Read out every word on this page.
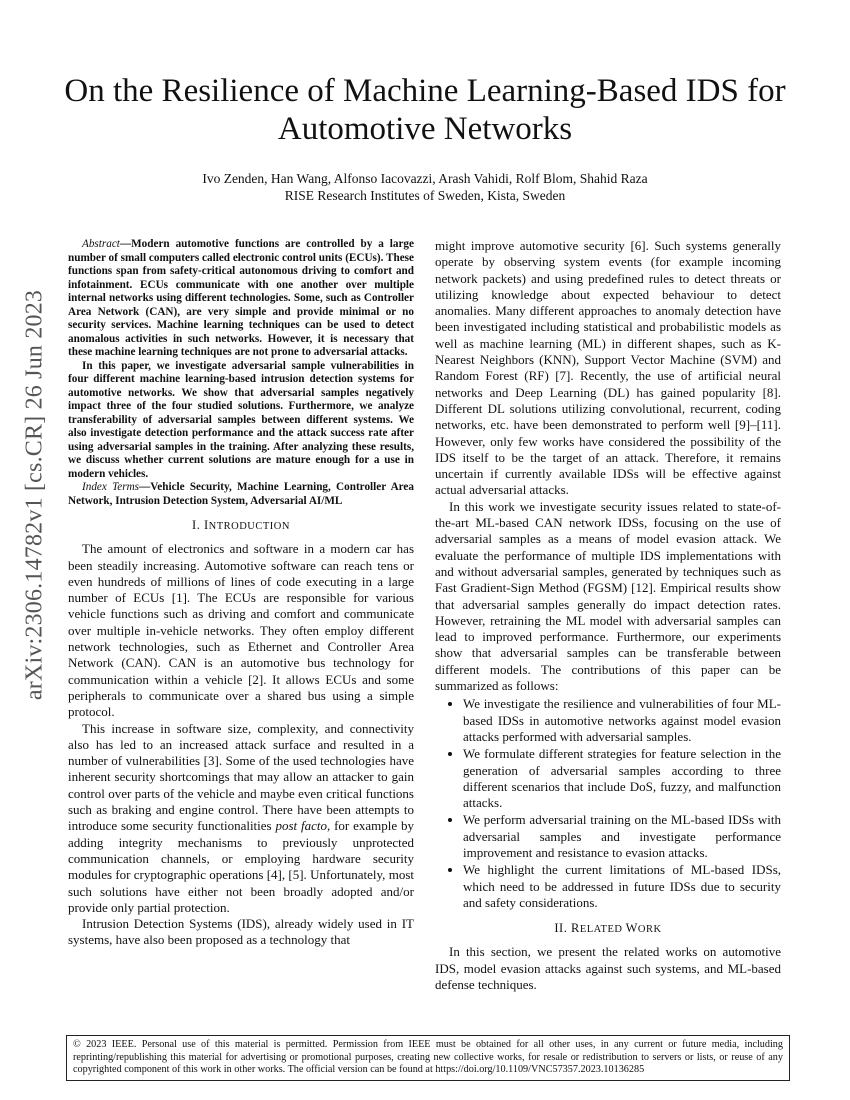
arXiv:2306.14782v1 [cs.CR] 26 Jun 2023
On the Resilience of Machine Learning-Based IDS for Automotive Networks
Ivo Zenden, Han Wang, Alfonso Iacovazzi, Arash Vahidi, Rolf Blom, Shahid Raza
RISE Research Institutes of Sweden, Kista, Sweden

Abstract—Modern automotive functions are controlled by a large number of small computers called electronic control units (ECUs). These functions span from safety-critical autonomous driving to comfort and infotainment. ECUs communicate with one another over multiple internal networks using different technologies. Some, such as Controller Area Network (CAN), are very simple and provide minimal or no security services. Machine learning techniques can be used to detect anomalous activities in such networks. However, it is necessary that these machine learning techniques are not prone to adversarial attacks.

In this paper, we investigate adversarial sample vulnerabilities in four different machine learning-based intrusion detection systems for automotive networks. We show that adversarial samples negatively impact three of the four studied solutions. Furthermore, we analyze transferability of adversarial samples between different systems. We also investigate detection performance and the attack success rate after using adversarial samples in the training. After analyzing these results, we discuss whether current solutions are mature enough for a use in modern vehicles.

Index Terms—Vehicle Security, Machine Learning, Controller Area Network, Intrusion Detection System, Adversarial AI/ML

I. INTRODUCTION

The amount of electronics and software in a modern car has been steadily increasing. Automotive software can reach tens or even hundreds of millions of lines of code executing in a large number of ECUs [1]. The ECUs are responsible for various vehicle functions such as driving and comfort and communicate over multiple in-vehicle networks. They often employ different network technologies, such as Ethernet and Controller Area Network (CAN). CAN is an automotive bus technology for communication within a vehicle [2]. It allows ECUs and some peripherals to communicate over a shared bus using a simple protocol.

This increase in software size, complexity, and connectivity also has led to an increased attack surface and resulted in a number of vulnerabilities [3]. Some of the used technologies have inherent security shortcomings that may allow an attacker to gain control over parts of the vehicle and maybe even critical functions such as braking and engine control. There have been attempts to introduce some security functionalities post facto, for example by adding integrity mechanisms to previously unprotected communication channels, or employing hardware security modules for cryptographic operations [4], [5]. Unfortunately, most such solutions have either not been broadly adopted and/or provide only partial protection.

Intrusion Detection Systems (IDS), already widely used in IT systems, have also been proposed as a technology that

might improve automotive security [6]. Such systems generally operate by observing system events (for example incoming network packets) and using predefined rules to detect threats or utilizing knowledge about expected behaviour to detect anomalies. Many different approaches to anomaly detection have been investigated including statistical and probabilistic models as well as machine learning (ML) in different shapes, such as K-Nearest Neighbors (KNN), Support Vector Machine (SVM) and Random Forest (RF) [7]. Recently, the use of artificial neural networks and Deep Learning (DL) has gained popularity [8]. Different DL solutions utilizing convolutional, recurrent, coding networks, etc. have been demonstrated to perform well [9]–[11]. However, only few works have considered the possibility of the IDS itself to be the target of an attack. Therefore, it remains uncertain if currently available IDSs will be effective against actual adversarial attacks.

In this work we investigate security issues related to state-of-the-art ML-based CAN network IDSs, focusing on the use of adversarial samples as a means of model evasion attack. We evaluate the performance of multiple IDS implementations with and without adversarial samples, generated by techniques such as Fast Gradient-Sign Method (FGSM) [12]. Empirical results show that adversarial samples generally do impact detection rates. However, retraining the ML model with adversarial samples can lead to improved performance. Furthermore, our experiments show that adversarial samples can be transferable between different models. The contributions of this paper can be summarized as follows:

• We investigate the resilience and vulnerabilities of four ML-based IDSs in automotive networks against model evasion attacks performed with adversarial samples.
• We formulate different strategies for feature selection in the generation of adversarial samples according to three different scenarios that include DoS, fuzzy, and malfunction attacks.
• We perform adversarial training on the ML-based IDSs with adversarial samples and investigate performance improvement and resistance to evasion attacks.
• We highlight the current limitations of ML-based IDSs, which need to be addressed in future IDSs due to security and safety considerations.
II. RELATED WORK

In this section, we present the related works on automotive IDS, model evasion attacks against such systems, and ML-based defense techniques.

© 2023 IEEE. Personal use of this material is permitted. Permission from IEEE must be obtained for all other uses, in any current or future media, including reprinting/republishing this material for advertising or promotional purposes, creating new collective works, for resale or redistribution to servers or lists, or reuse of any copyrighted component of this work in other works. The official version can be found at https://doi.org/10.1109/VNC57357.2023.10136285
